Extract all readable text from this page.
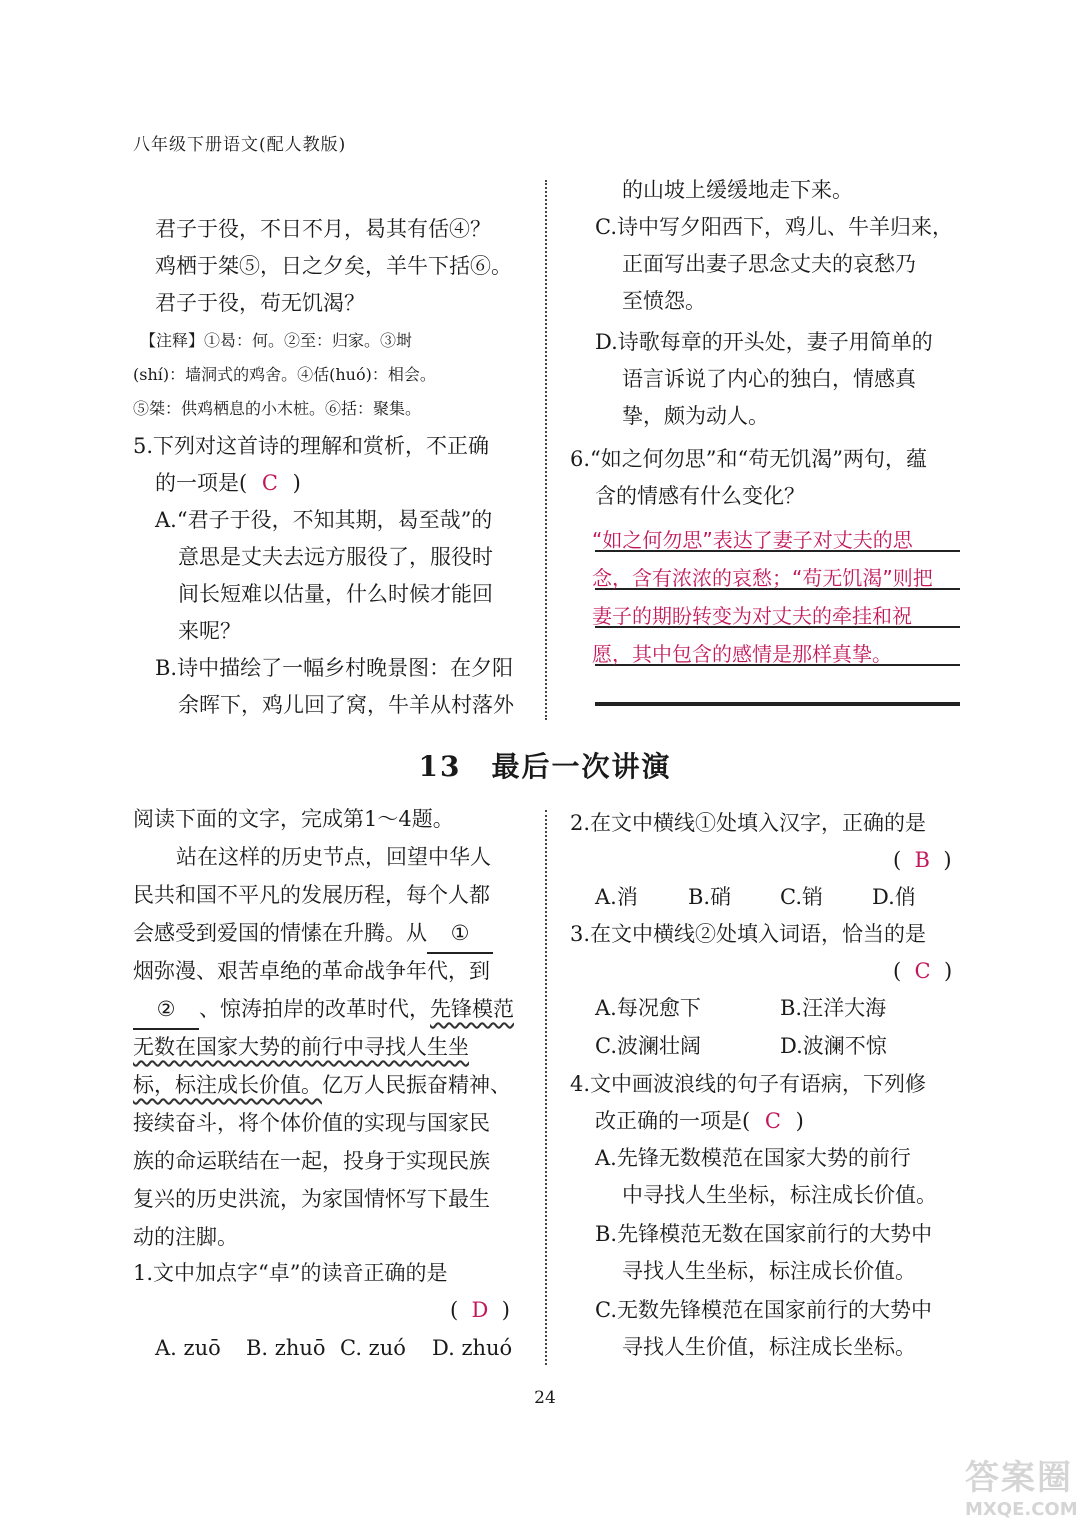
八年级下册语文(配人教版)
君子于役，不日不月，曷其有佸④？
鸡栖于桀⑤，日之夕矣，羊牛下括⑥。
君子于役，苟无饥渴？
【注释】①曷：何。②至：归家。③埘
(shí)：墙洞式的鸡舍。④佸(huó)：相会。
⑤桀：供鸡栖息的小木桩。⑥括：聚集。
5.下列对这首诗的理解和赏析，不正确
的一项是( C )
A.“君子于役，不知其期，曷至哉”的
意思是丈夫去远方服役了，服役时
间长短难以估量，什么时候才能回
来呢？
B.诗中描绘了一幅乡村晚景图：在夕阳
余晖下，鸡儿回了窝，牛羊从村落外
的山坡上缓缓地走下来。
C.诗中写夕阳西下，鸡儿、牛羊归来，
正面写出妻子思念丈夫的哀愁乃
至愤怨。
D.诗歌每章的开头处，妻子用简单的
语言诉说了内心的独白，情感真
挚，颇为动人。
6.“如之何勿思”和“苟无饥渴”两句，蕴
含的情感有什么变化？
“如之何勿思”表达了妻子对丈夫的思
念，含有浓浓的哀愁；“苟无饥渴”则把
妻子的期盼转变为对丈夫的牵挂和祝
愿，其中包含的感情是那样真挚。
13　最后一次讲演
阅读下面的文字，完成第1～4题。
站在这样的历史节点，回望中华人
民共和国不平凡的发展历程，每个人都
会感受到爱国的情愫在升腾。从 ①
烟弥漫、艰苦卓绝的革命战争年代，到
② 、惊涛拍岸的改革时代，先锋模范
无数在国家大势的前行中寻找人生坐
标，标注成长价值。亿万人民振奋精神、
接续奋斗，将个体价值的实现与国家民
族的命运联结在一起，投身于实现民族
复兴的历史洪流，为家国情怀写下最生
动的注脚。
1.文中加点字“卓”的读音正确的是
(  D  )
A. zuō B. zhuō C. zuó D. zhuó
2.在文中横线①处填入汉字，正确的是
(  B  )
A.消 B.硝 C.销 D.俏
3.在文中横线②处填入词语，恰当的是
(  C  )
A.每况愈下	B.汪洋大海
C.波澜壮阔	D.波澜不惊
4.文中画波浪线的句子有语病，下列修
改正确的一项是( C )
A.先锋无数模范在国家大势的前行
中寻找人生坐标，标注成长价值。
B.先锋模范无数在国家前行的大势中
寻找人生坐标，标注成长价值。
C.无数先锋模范在国家前行的大势中
寻找人生价值，标注成长坐标。
24
答案圈
MXQE.COM
